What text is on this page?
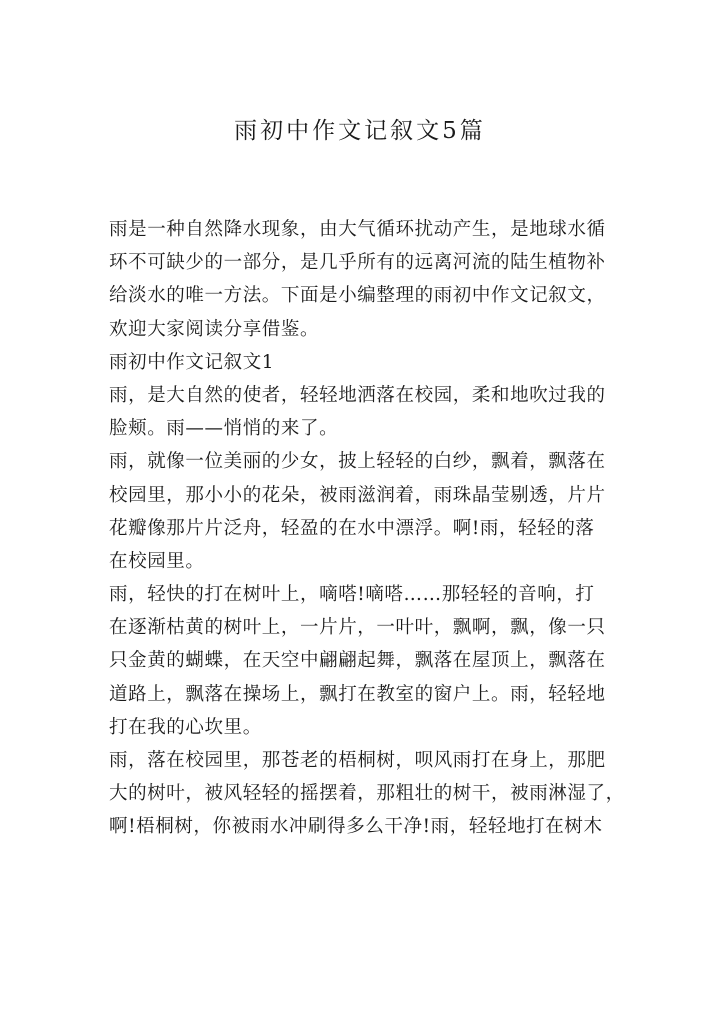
雨初中作文记叙文5篇
雨是一种自然降水现象，由大气循环扰动产生，是地球水循
环不可缺少的一部分，是几乎所有的远离河流的陆生植物补
给淡水的唯一方法。下面是小编整理的雨初中作文记叙文，
欢迎大家阅读分享借鉴。
雨初中作文记叙文1
雨，是大自然的使者，轻轻地洒落在校园，柔和地吹过我的
脸颊。雨——悄悄的来了。
雨，就像一位美丽的少女，披上轻轻的白纱，飘着，飘落在
校园里，那小小的花朵，被雨滋润着，雨珠晶莹剔透，片片
花瓣像那片片泛舟，轻盈的在水中漂浮。啊!雨，轻轻的落
在校园里。
雨，轻快的打在树叶上，嘀嗒!嘀嗒……那轻轻的音响，打
在逐渐枯黄的树叶上，一片片，一叶叶，飘啊，飘，像一只
只金黄的蝴蝶，在天空中翩翩起舞，飘落在屋顶上，飘落在
道路上，飘落在操场上，飘打在教室的窗户上。雨，轻轻地
打在我的心坎里。
雨，落在校园里，那苍老的梧桐树，呗风雨打在身上，那肥
大的树叶，被风轻轻的摇摆着，那粗壮的树干，被雨淋湿了，
啊!梧桐树，你被雨水冲刷得多么干净!雨，轻轻地打在树木
